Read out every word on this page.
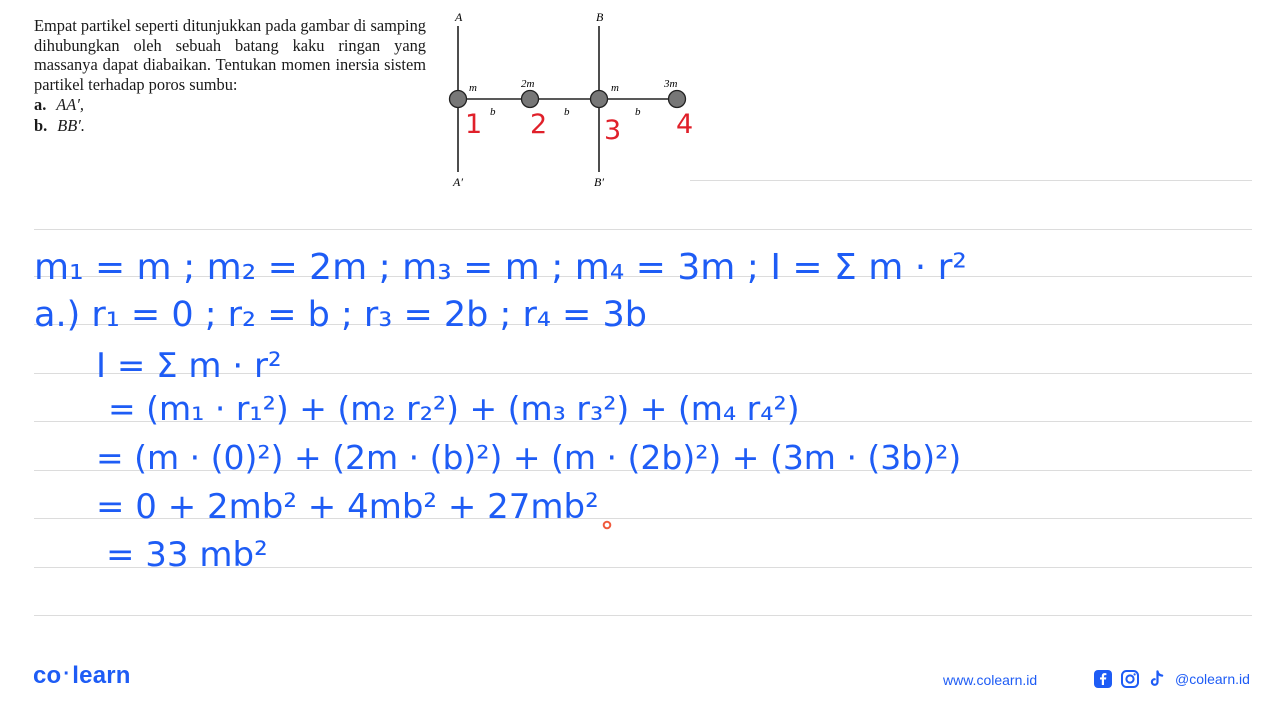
Empat partikel seperti ditunjukkan pada gambar di samping dihubungkan oleh sebuah batang kaku ringan yang massanya dapat diabaikan. Tentukan momen inersia sistem partikel terhadap poros sumbu:

a. AA′,
b. BB′.
A
A′
B
B′
m	2m	m	3m
b	b	b
1 2 3 4
m₁ = m ; m₂ = 2m ; m₃ = m ; m₄ = 3m ; I = Σ m · r²
a.) r₁ = 0 ; r₂ = b ; r₃ = 2b ; r₄ = 3b
I = Σ m · r²
= (m₁ · r₁²) + (m₂ r₂²) + (m₃ r₃²) + (m₄ r₄²)
= (m · (0)²) + (2m · (b)²) + (m · (2b)²) + (3m · (3b)²)
= 0 + 2mb² + 4mb² + 27mb²
= 33 mb²
co ·learn	www.colearn.id	@colearn.id
